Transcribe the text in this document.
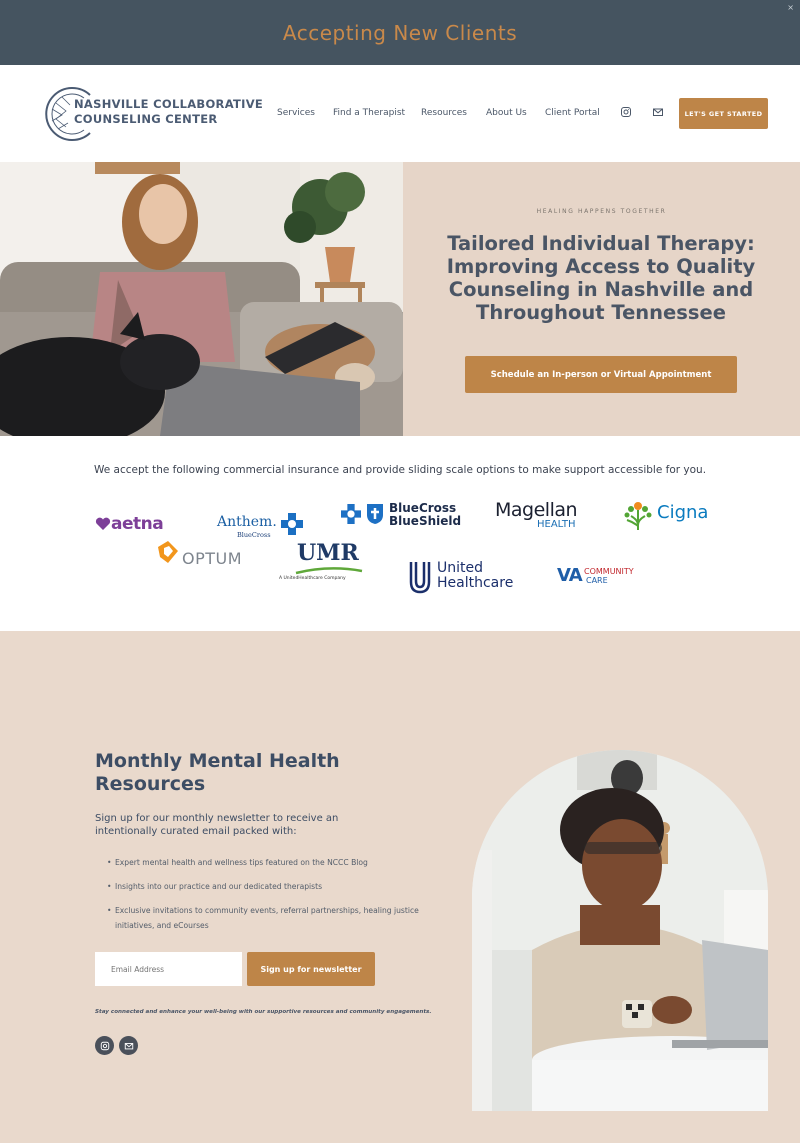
Accepting New Clients
×
NASHVILLE COLLABORATIVE
COUNSELING CENTER	Services Find a Therapist Resources About Us Client Portal	LET'S GET STARTED
HEALING HAPPENS TOGETHER
Tailored Individual Therapy: Improving Access to Quality Counseling in Nashville and Throughout Tennessee
Schedule an In-person or Virtual Appointment
We accept the following commercial insurance and provide sliding scale options to make support accessible for you.
aetna	Anthem.
BlueCross
BlueCross
BlueShield Magellan
HEALTH
Cigna
OPTUM UMR
A UnitedHealthcare Company
United
Healthcare VA COMMUNITY
CARE
Monthly Mental Health Resources

Sign up for our monthly newsletter to receive an intentionally curated email packed with:

• Expert mental health and wellness tips featured on the NCCC Blog
• Insights into our practice and our dedicated therapists
• Exclusive invitations to community events, referral partnerships, healing justice initiatives, and eCourses
Email Address
Sign up for newsletter

Stay connected and enhance your well-being with our supportive resources and community engagements.
